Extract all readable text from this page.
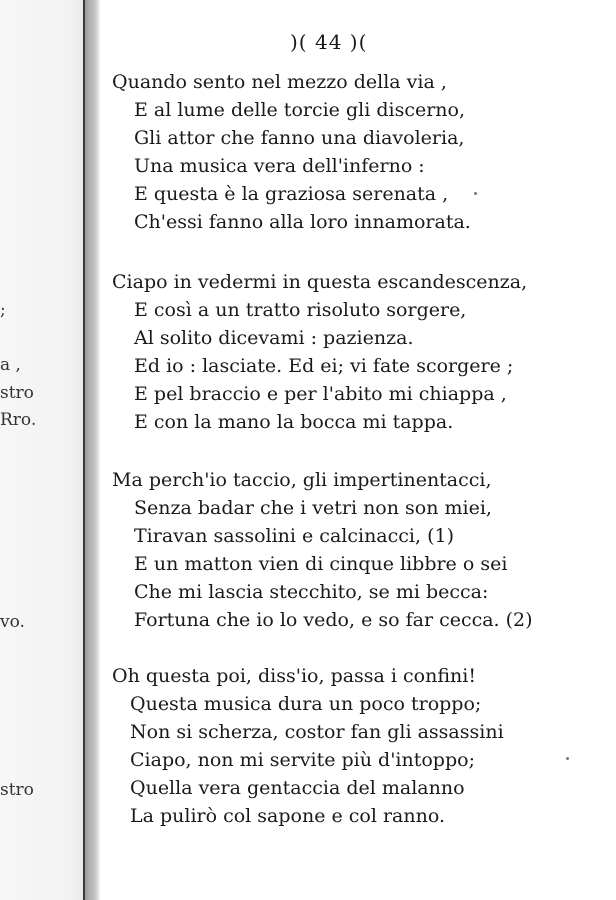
;
a ,
stro
Rro.
vo.
stro
)( 44 )(
Quando sento nel mezzo della via ,
E al lume delle torcie gli discerno,
Gli attor che fanno una diavoleria,
Una musica vera dell'inferno :
E questa è la graziosa serenata ,
Ch'essi fanno alla loro innamorata.
Ciapo in vedermi in questa escandescenza,
E così a un tratto risoluto sorgere,
Al solito dicevami : pazienza.
Ed io : lasciate. Ed ei; vi fate scorgere ;
E pel braccio e per l'abito mi chiappa ,
E con la mano la bocca mi tappa.
Ma perch'io taccio, gli impertinentacci,
Senza badar che i vetri non son miei,
Tiravan sassolini e calcinacci, (1)
E un matton vien di cinque libbre o sei
Che mi lascia stecchito, se mi becca:
Fortuna che io lo vedo, e so far cecca. (2)
Oh questa poi, diss'io, passa i confini!
Questa musica dura un poco troppo;
Non si scherza, costor fan gli assassini
Ciapo, non mi servite più d'intoppo;
Quella vera gentaccia del malanno
La pulirò col sapone e col ranno.
